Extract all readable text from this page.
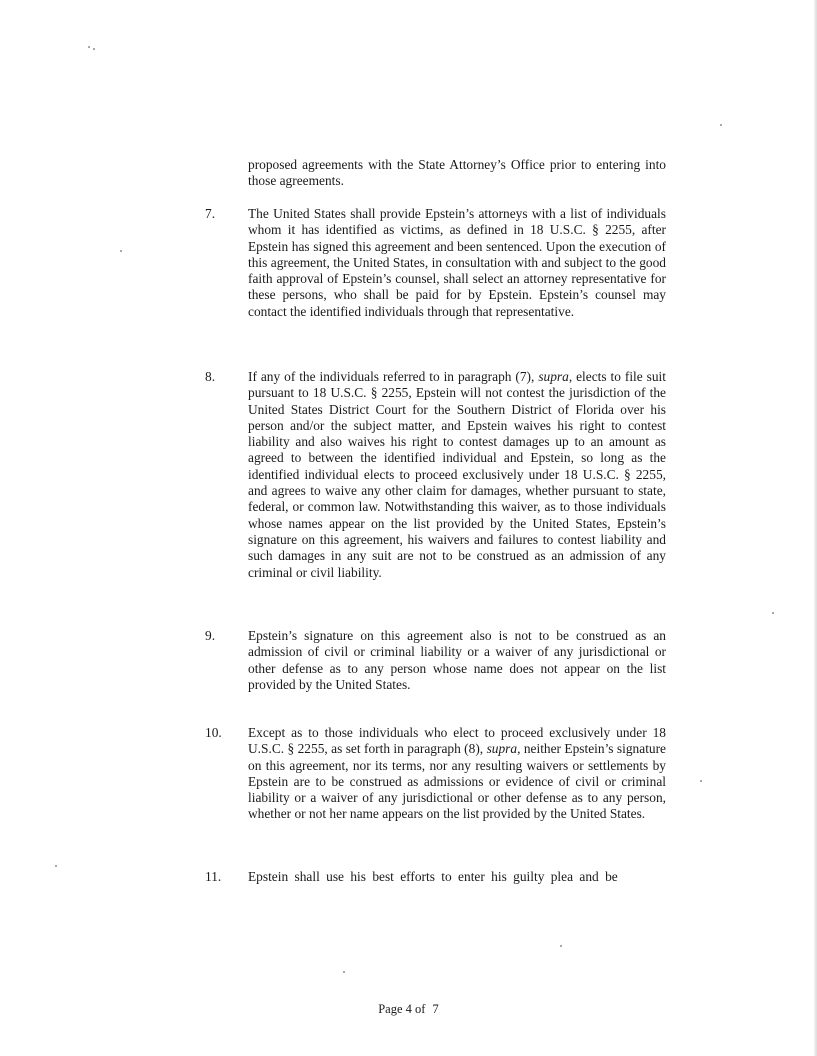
proposed agreements with the State Attorney’s Office prior to entering into those agreements.
7. The United States shall provide Epstein’s attorneys with a list of individuals whom it has identified as victims, as defined in 18 U.S.C. § 2255, after Epstein has signed this agreement and been sentenced. Upon the execution of this agreement, the United States, in consultation with and subject to the good faith approval of Epstein’s counsel, shall select an attorney representative for these persons, who shall be paid for by Epstein. Epstein’s counsel may contact the identified individuals through that representative.
8. If any of the individuals referred to in paragraph (7), supra, elects to file suit pursuant to 18 U.S.C. § 2255, Epstein will not contest the jurisdiction of the United States District Court for the Southern District of Florida over his person and/or the subject matter, and Epstein waives his right to contest liability and also waives his right to contest damages up to an amount as agreed to between the identified individual and Epstein, so long as the identified individual elects to proceed exclusively under 18 U.S.C. § 2255, and agrees to waive any other claim for damages, whether pursuant to state, federal, or common law. Notwithstanding this waiver, as to those individuals whose names appear on the list provided by the United States, Epstein’s signature on this agreement, his waivers and failures to contest liability and such damages in any suit are not to be construed as an admission of any criminal or civil liability.
9. Epstein’s signature on this agreement also is not to be construed as an admission of civil or criminal liability or a waiver of any jurisdictional or other defense as to any person whose name does not appear on the list provided by the United States.
10. Except as to those individuals who elect to proceed exclusively under 18 U.S.C. § 2255, as set forth in paragraph (8), supra, neither Epstein’s signature on this agreement, nor its terms, nor any resulting waivers or settlements by Epstein are to be construed as admissions or evidence of civil or criminal liability or a waiver of any jurisdictional or other defense as to any person, whether or not her name appears on the list provided by the United States.
11. Epstein shall use his best efforts to enter his guilty plea and be
Page 4 of 7
